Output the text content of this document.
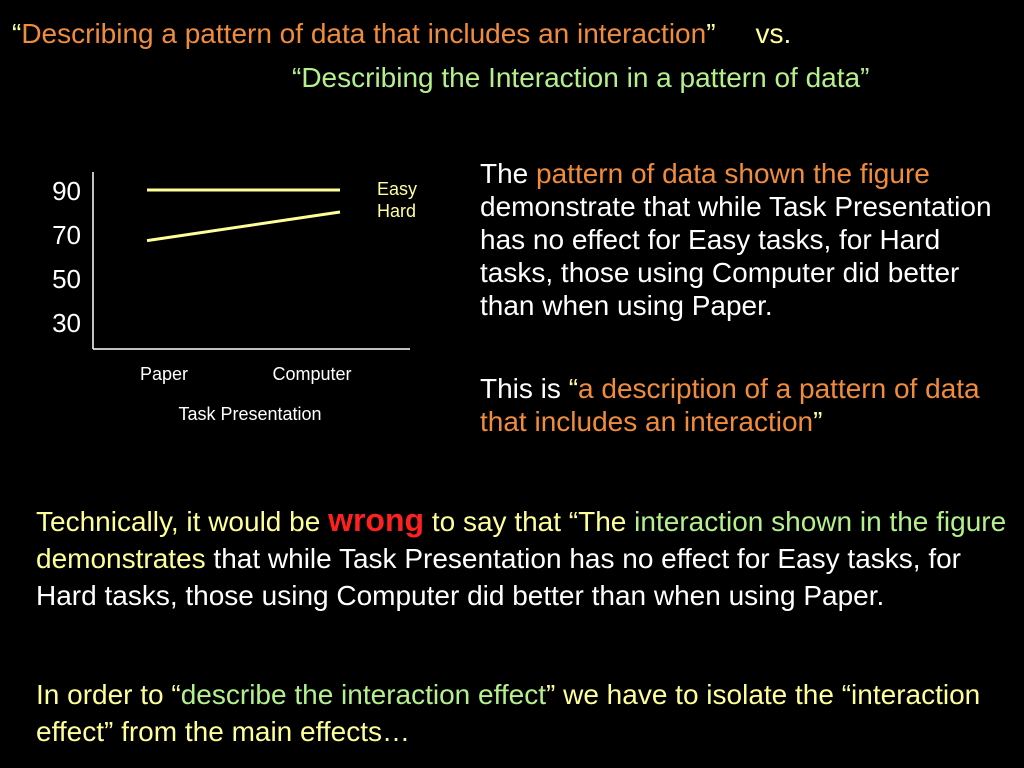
“Describing a pattern of data that includes an interaction” vs.
“Describing the Interaction in a pattern of data”
90
70
50
30
Easy
Hard
Paper	Computer
Task Presentation
The pattern of data shown the figure demonstrate that while Task Presentation has no effect for Easy tasks, for Hard tasks, those using Computer did better than when using Paper.
This is “a description of a pattern of data that includes an interaction”
Technically, it would be wrong to say that “The interaction shown in the figure demonstrates that while Task Presentation has no effect for Easy tasks, for Hard tasks, those using Computer did better than when using Paper.
In order to “describe the interaction effect” we have to isolate the “interaction effect” from the main effects…
